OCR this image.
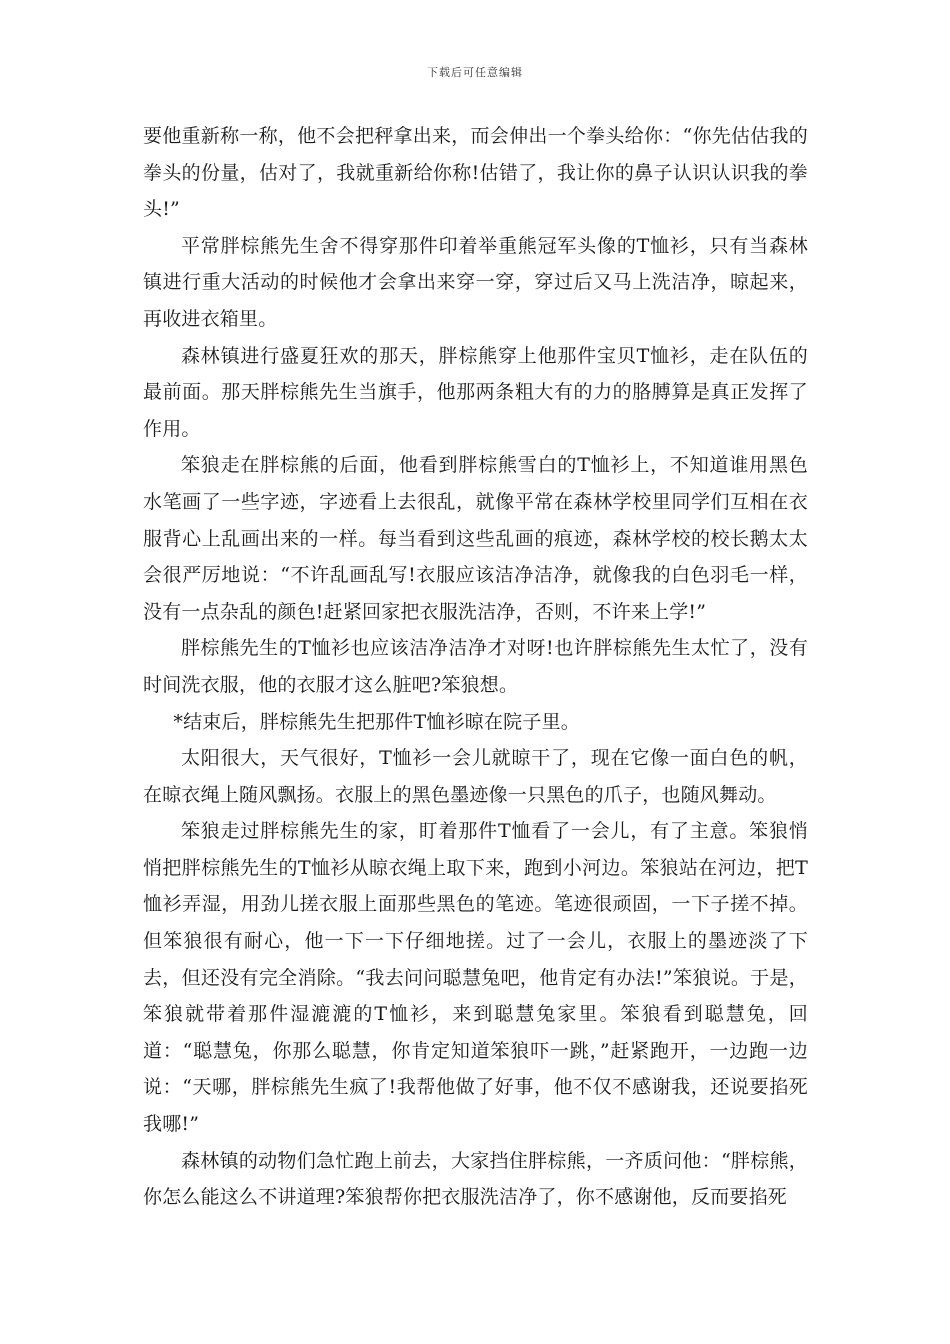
下载后可任意编辑

要他重新称一称，他不会把秤拿出来，而会伸出一个拳头给你：“你先估估我的拳头的份量，估对了，我就重新给你称!估错了，我让你的鼻子认识认识我的拳头!”

平常胖棕熊先生舍不得穿那件印着举重熊冠军头像的T恤衫，只有当森林镇进行重大活动的时候他才会拿出来穿一穿，穿过后又马上洗洁净，晾起来，再收进衣箱里。

森林镇进行盛夏狂欢的那天，胖棕熊穿上他那件宝贝T恤衫，走在队伍的最前面。那天胖棕熊先生当旗手，他那两条粗大有的力的胳膊算是真正发挥了作用。

笨狼走在胖棕熊的后面，他看到胖棕熊雪白的T恤衫上，不知道谁用黑色水笔画了一些字迹，字迹看上去很乱，就像平常在森林学校里同学们互相在衣服背心上乱画出来的一样。每当看到这些乱画的痕迹，森林学校的校长鹅太太会很严厉地说：“不许乱画乱写!衣服应该洁净洁净，就像我的白色羽毛一样，没有一点杂乱的颜色!赶紧回家把衣服洗洁净，否则，不许来上学!”

胖棕熊先生的T恤衫也应该洁净洁净才对呀!也许胖棕熊先生太忙了，没有时间洗衣服，他的衣服才这么脏吧?笨狼想。

*结束后，胖棕熊先生把那件T恤衫晾在院子里。

太阳很大，天气很好，T恤衫一会儿就晾干了，现在它像一面白色的帆，在晾衣绳上随风飘扬。衣服上的黑色墨迹像一只黑色的爪子，也随风舞动。

笨狼走过胖棕熊先生的家，盯着那件T恤看了一会儿，有了主意。笨狼悄悄把胖棕熊先生的T恤衫从晾衣绳上取下来，跑到小河边。笨狼站在河边，把T恤衫弄湿，用劲儿搓衣服上面那些黑色的笔迹。笔迹很顽固，一下子搓不掉。但笨狼很有耐心，他一下一下仔细地搓。过了一会儿，衣服上的墨迹淡了下去，但还没有完全消除。“我去问问聪慧兔吧，他肯定有办法!”笨狼说。于是，笨狼就带着那件湿漉漉的T恤衫，来到聪慧兔家里。笨狼看到聪慧兔，回道：“聪慧兔，你那么聪慧，你肯定知道笨狼吓一跳，”赶紧跑开，一边跑一边说：“天哪，胖棕熊先生疯了!我帮他做了好事，他不仅不感谢我，还说要掐死我哪!”

森林镇的动物们急忙跑上前去，大家挡住胖棕熊，一齐质问他：“胖棕熊，你怎么能这么不讲道理?笨狼帮你把衣服洗洁净了，你不感谢他，反而要掐死
